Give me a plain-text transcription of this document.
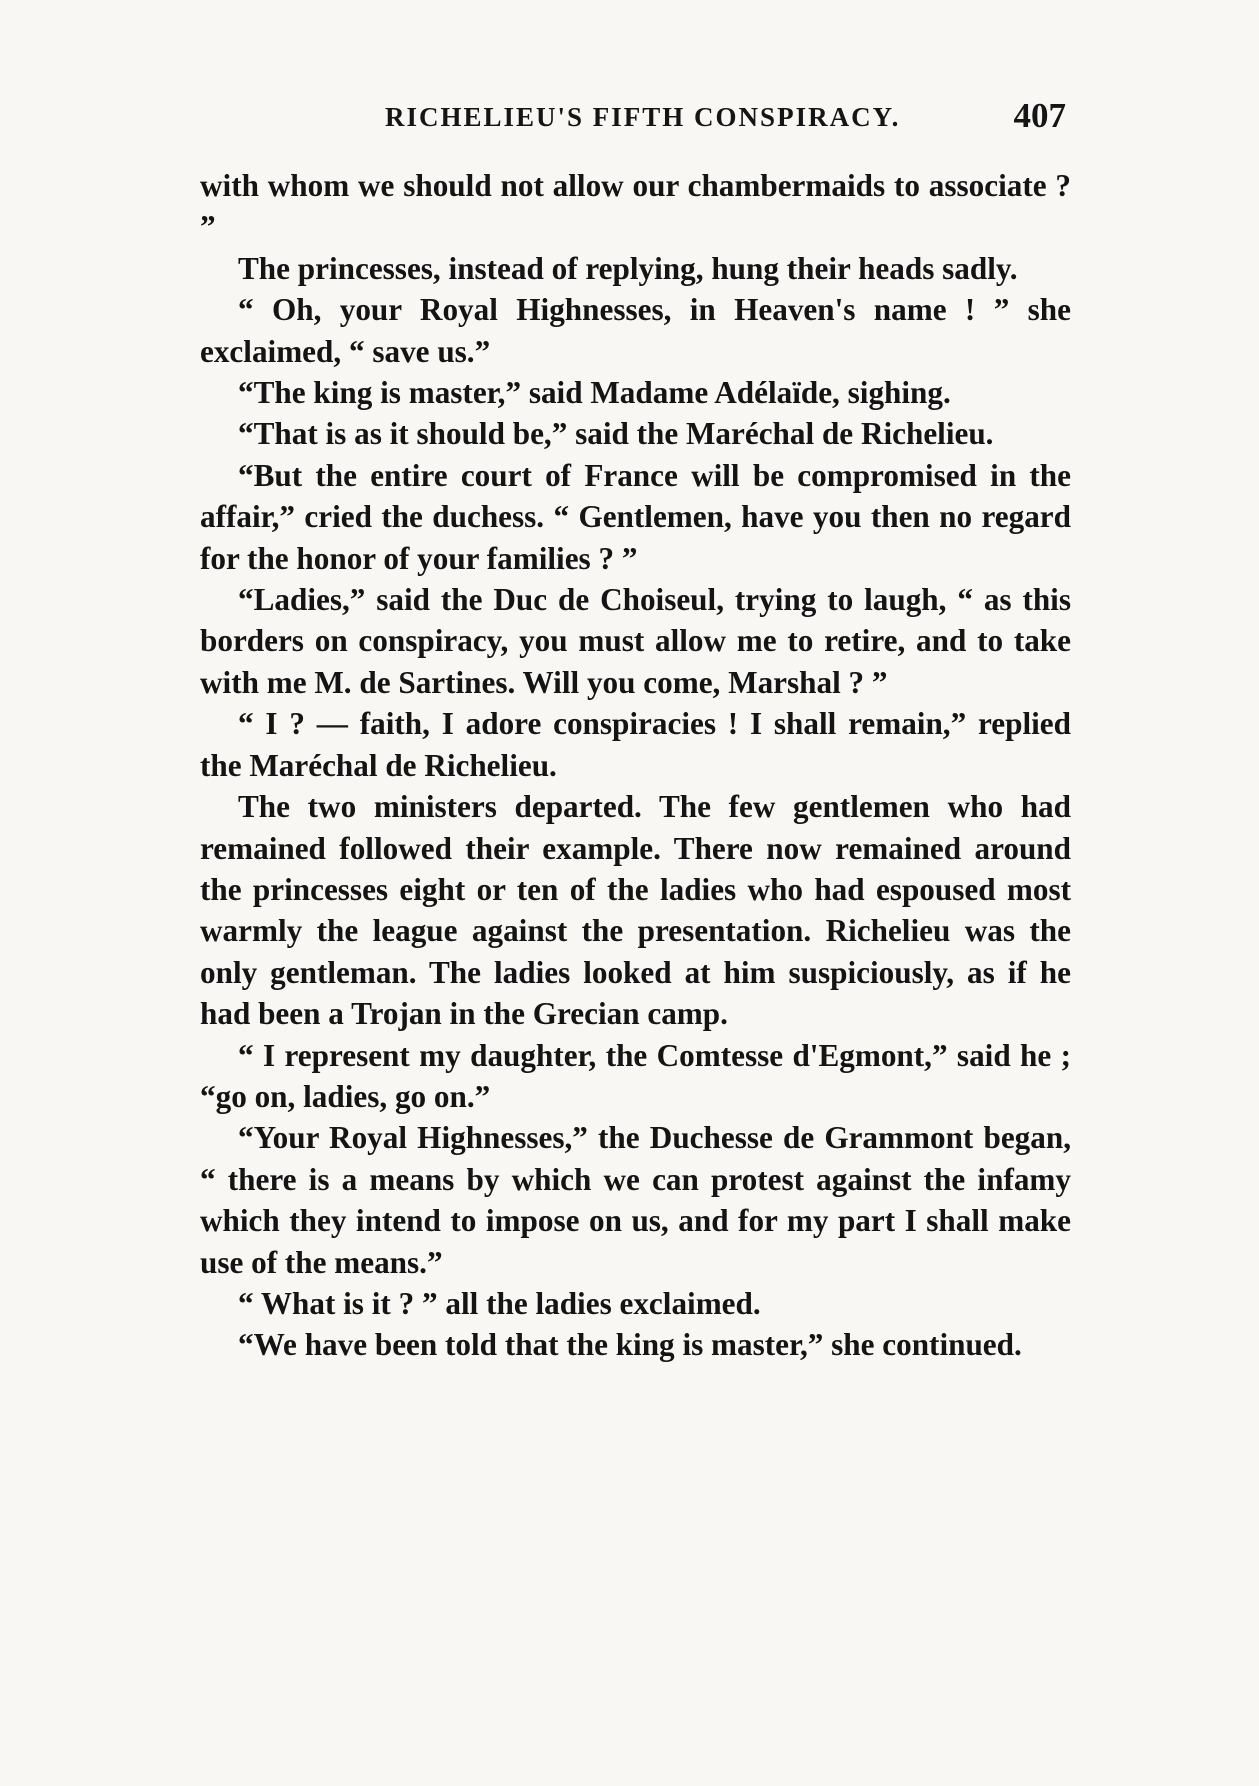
RICHELIEU'S FIFTH CONSPIRACY.	407

with whom we should not allow our chambermaids to associate ? ”

The princesses, instead of replying, hung their heads sadly.

“ Oh, your Royal Highnesses, in Heaven's name ! ” she exclaimed, “ save us.”

“The king is master,” said Madame Adélaïde, sighing.

“That is as it should be,” said the Maréchal de Richelieu.

“But the entire court of France will be compromised in the affair,” cried the duchess. “ Gentlemen, have you then no regard for the honor of your families ? ”

“Ladies,” said the Duc de Choiseul, trying to laugh, “ as this borders on conspiracy, you must allow me to retire, and to take with me M. de Sartines. Will you come, Marshal ? ”

“ I ? — faith, I adore conspiracies ! I shall remain,” replied the Maréchal de Richelieu.

The two ministers departed. The few gentlemen who had remained followed their example. There now remained around the princesses eight or ten of the ladies who had espoused most warmly the league against the presentation. Richelieu was the only gentleman. The ladies looked at him suspiciously, as if he had been a Trojan in the Grecian camp.

“ I represent my daughter, the Comtesse d'Egmont,” said he ; “go on, ladies, go on.”

“Your Royal Highnesses,” the Duchesse de Grammont began, “ there is a means by which we can protest against the infamy which they intend to impose on us, and for my part I shall make use of the means.”

“ What is it ? ” all the ladies exclaimed.

“We have been told that the king is master,” she continued.
